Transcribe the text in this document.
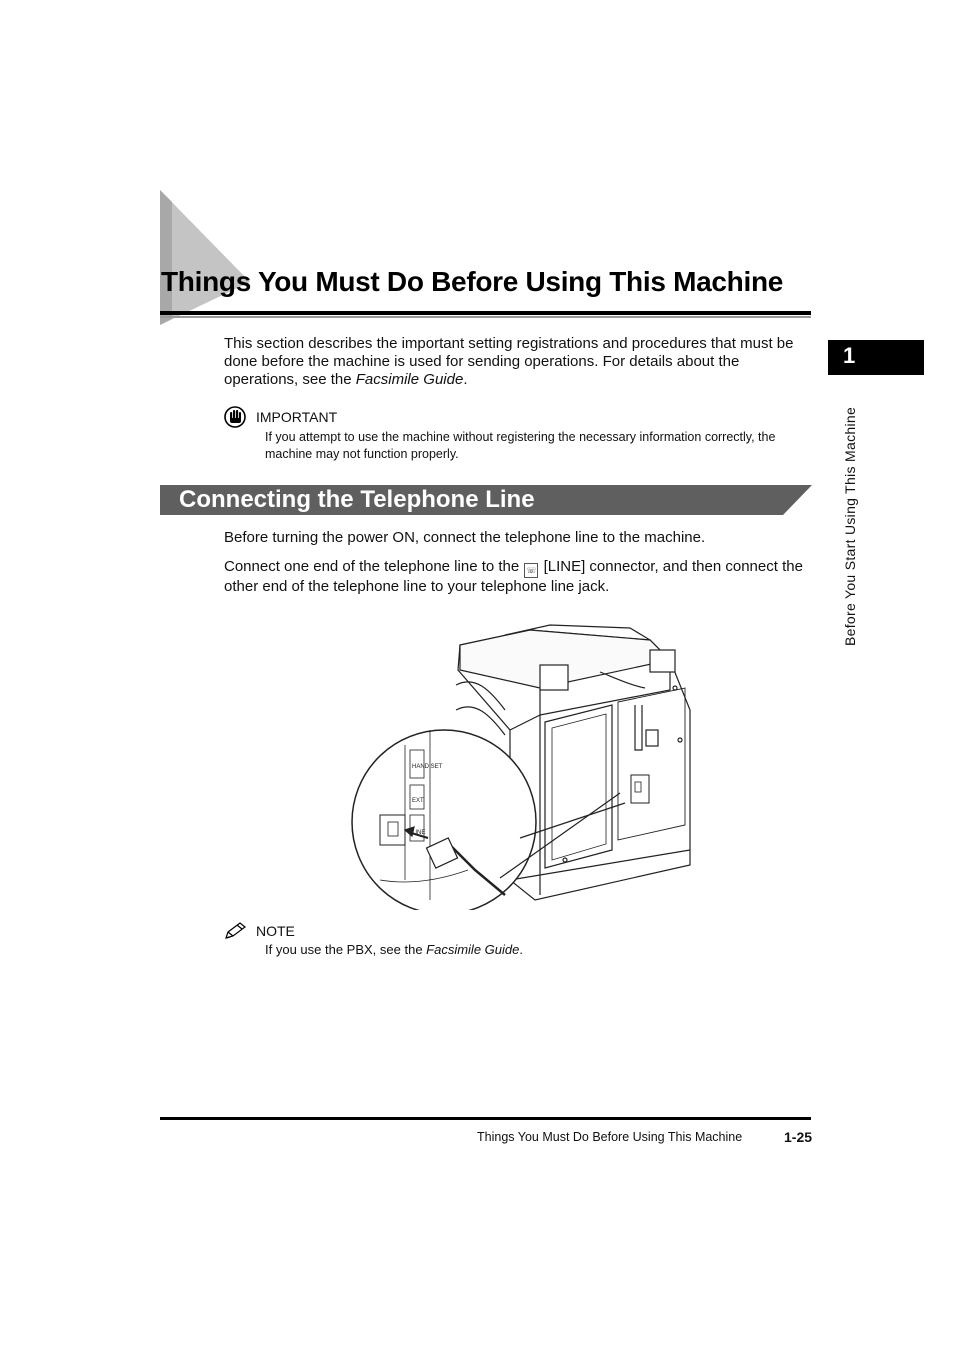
Things You Must Do Before Using This Machine
This section describes the important setting registrations and procedures that must be done before the machine is used for sending operations. For details about the operations, see the Facsimile Guide.
IMPORTANT
If you attempt to use the machine without registering the necessary information correctly, the machine may not function properly.
Connecting the Telephone Line
Before turning the power ON, connect the telephone line to the machine.
Connect one end of the telephone line to the ☏ [LINE] connector, and then connect the other end of the telephone line to your telephone line jack.
HAND SET
EXT.
LINE
NOTE
If you use the PBX, see the Facsimile Guide.
Things You Must Do Before Using This Machine	1-25
1
Before You Start Using This Machine
